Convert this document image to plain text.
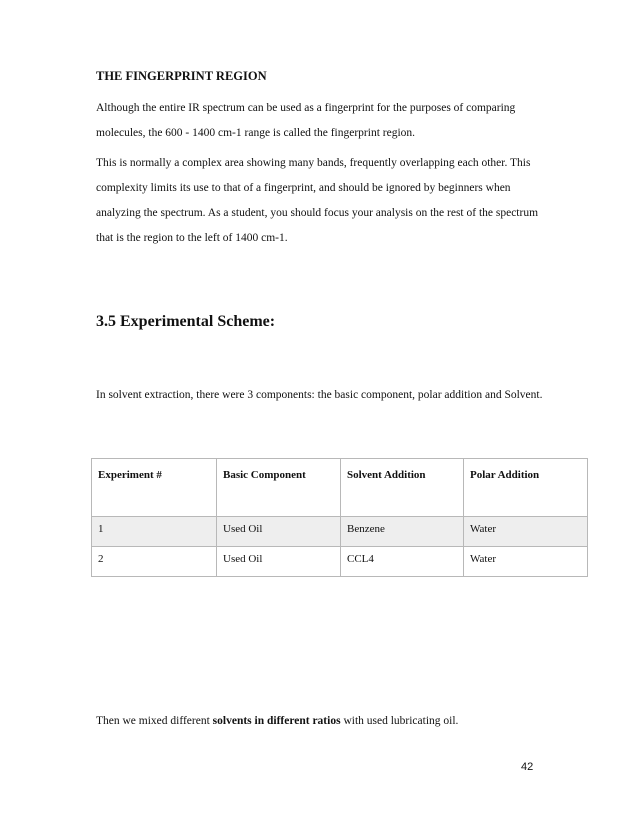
THE FINGERPRINT REGION
Although the entire IR spectrum can be used as a fingerprint for the purposes of comparing molecules, the 600 - 1400 cm-1 range is called the fingerprint region.
This is normally a complex area showing many bands, frequently overlapping each other. This complexity limits its use to that of a fingerprint, and should be ignored by beginners when analyzing the spectrum. As a student, you should focus your analysis on the rest of the spectrum that is the region to the left of 1400 cm-1.
3.5 Experimental Scheme:
In solvent extraction, there were 3 components: the basic component, polar addition and Solvent.
Experiment #	Basic Component	Solvent Addition	Polar Addition
1	Used Oil	Benzene	Water
2	Used Oil	CCL4	Water
Then we mixed different solvents in different ratios with used lubricating oil.
42
